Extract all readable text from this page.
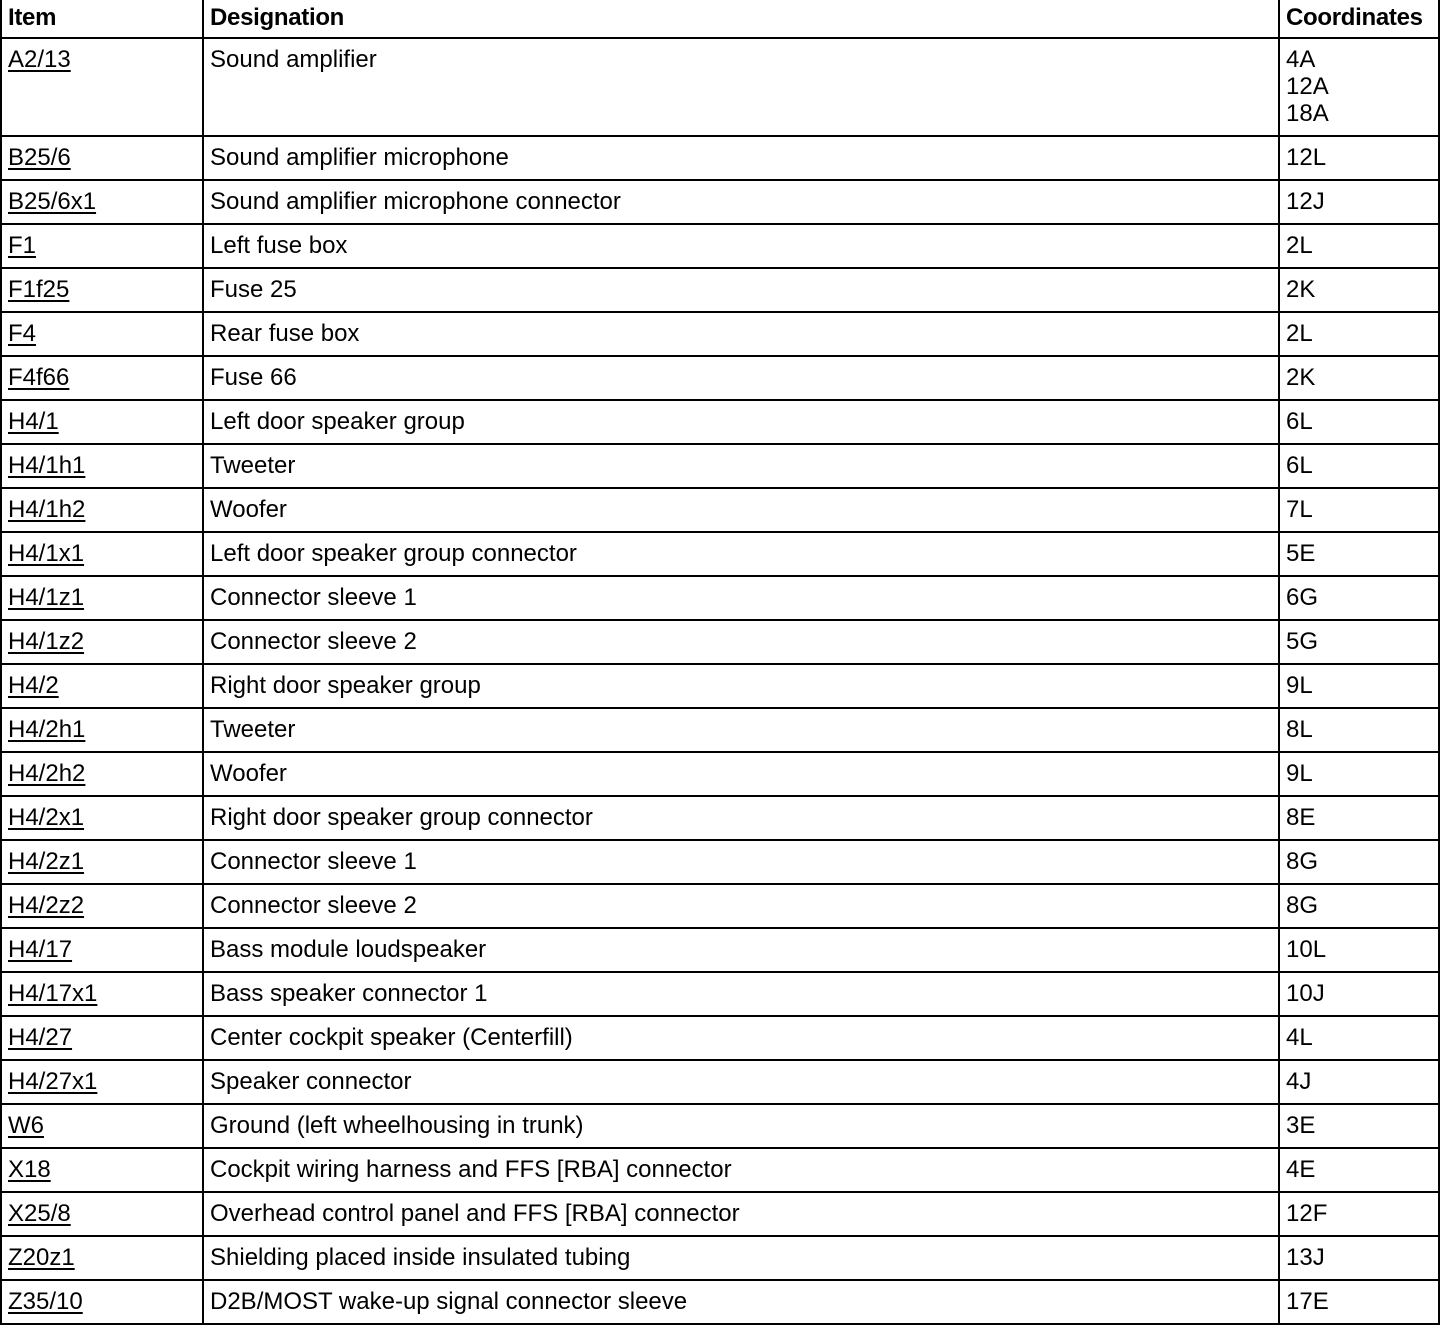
Item	Designation	Coordinates
A2/13	Sound amplifier	4A
12A
18A

B25/6	Sound amplifier microphone	12L

B25/6x1	Sound amplifier microphone connector	12J

F1	Left fuse box	2L

F1f25	Fuse 25	2K

F4	Rear fuse box	2L

F4f66	Fuse 66	2K

H4/1	Left door speaker group	6L

H4/1h1	Tweeter	6L

H4/1h2	Woofer	7L

H4/1x1	Left door speaker group connector	5E

H4/1z1	Connector sleeve 1	6G

H4/1z2	Connector sleeve 2	5G

H4/2	Right door speaker group	9L

H4/2h1	Tweeter	8L

H4/2h2	Woofer	9L

H4/2x1	Right door speaker group connector	8E

H4/2z1	Connector sleeve 1	8G

H4/2z2	Connector sleeve 2	8G

H4/17	Bass module loudspeaker	10L

H4/17x1	Bass speaker connector 1	10J

H4/27	Center cockpit speaker (Centerfill)	4L

H4/27x1	Speaker connector	4J

W6	Ground (left wheelhousing in trunk)	3E

X18	Cockpit wiring harness and FFS [RBA] connector	4E

X25/8	Overhead control panel and FFS [RBA] connector	12F

Z20z1	Shielding placed inside insulated tubing	13J

Z35/10	D2B/MOST wake-up signal connector sleeve	17E
